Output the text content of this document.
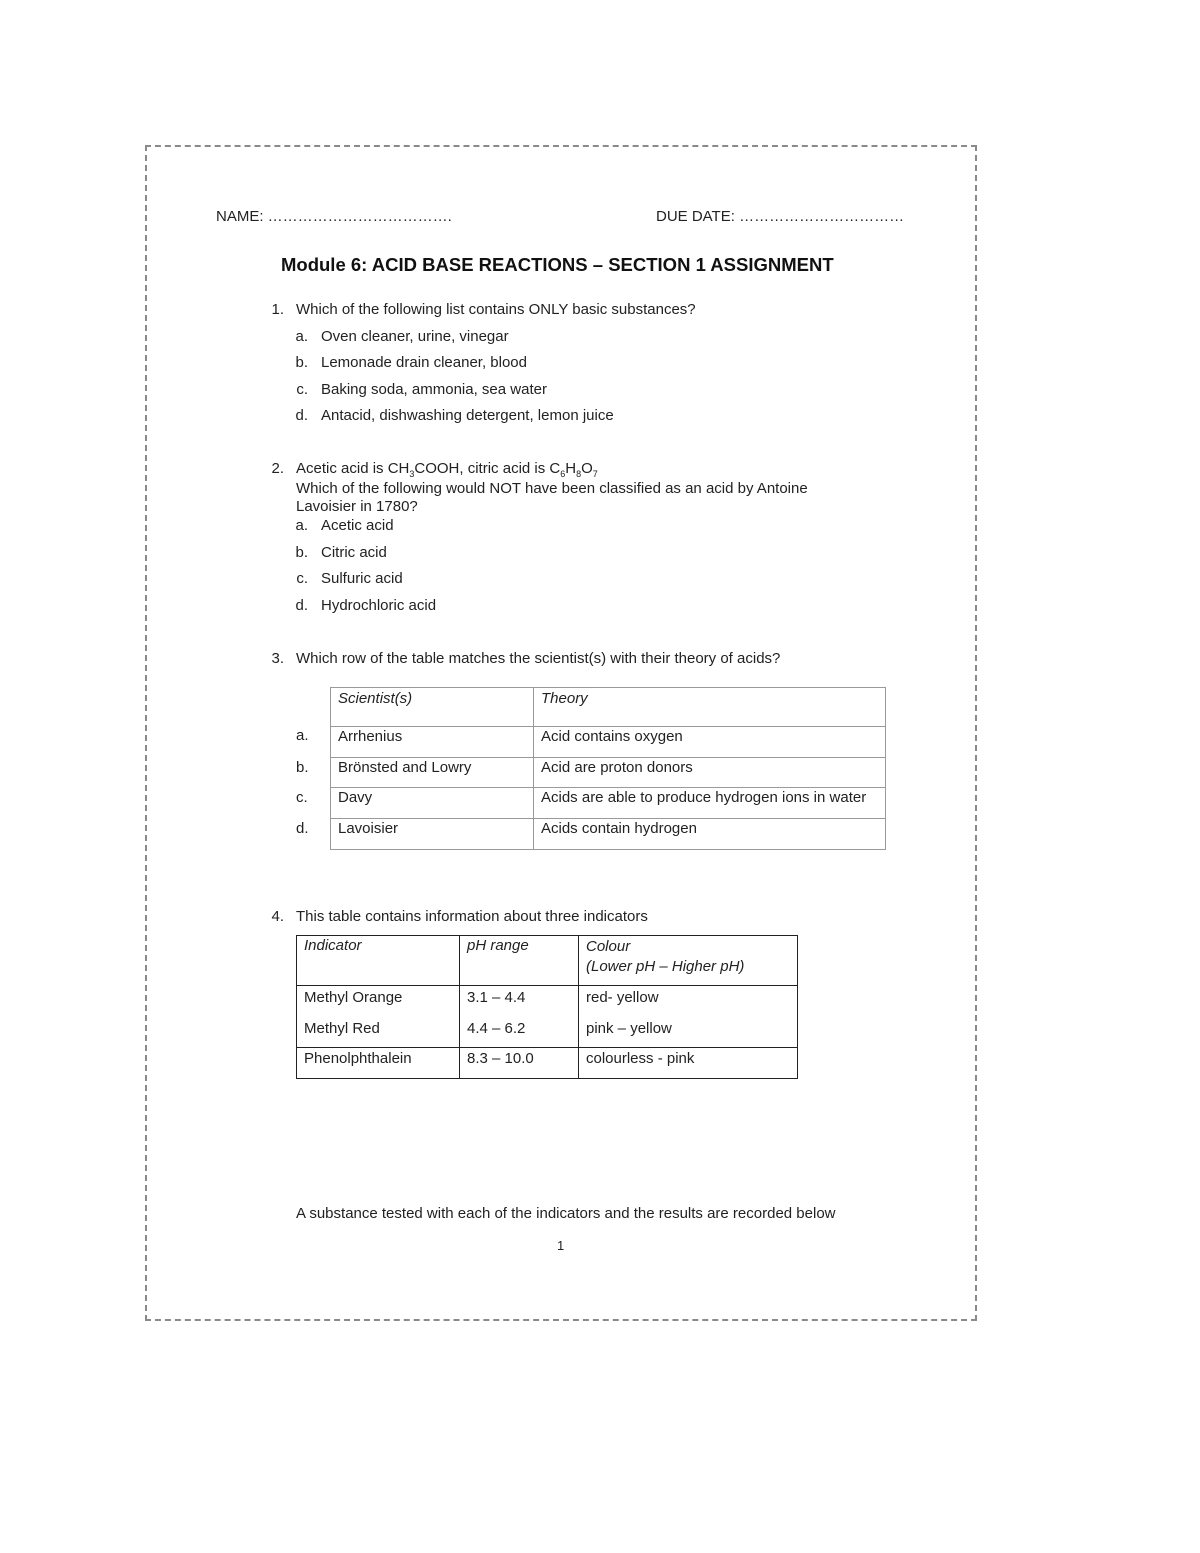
NAME: ……………………………….	DUE DATE: ……………………………
Module 6: ACID BASE REACTIONS – SECTION 1 ASSIGNMENT
1. Which of the following list contains ONLY basic substances?
a. Oven cleaner, urine, vinegar
b. Lemonade drain cleaner, blood
c. Baking soda, ammonia, sea water
d. Antacid, dishwashing detergent, lemon juice
2. Acetic acid is $CH_3COOH$, citric acid is $C_6H_8O_7$
Which of the following would NOT have been classified as an acid by Antoine Lavoisier in 1780?
a. Acetic acid
b. Citric acid
c. Sulfuric acid
d. Hydrochloric acid
3. Which row of the table matches the scientist(s) with their theory of acids?
Scientist(s)	Theory
Arrhenius	Acid contains oxygen
Brönsted and Lowry	Acid are proton donors
Davy	Acids are able to produce hydrogen ions in water
Lavoisier	Acids contain hydrogen
a.
b.
c.
d.
4. This table contains information about three indicators
Indicator	pH range	Colour
(Lower pH – Higher pH)
Methyl Orange	3.1 – 4.4	red- yellow
Methyl Red	4.4 – 6.2	pink – yellow
Phenolphthalein	8.3 – 10.0	colourless - pink
A substance tested with each of the indicators and the results are recorded below
1
